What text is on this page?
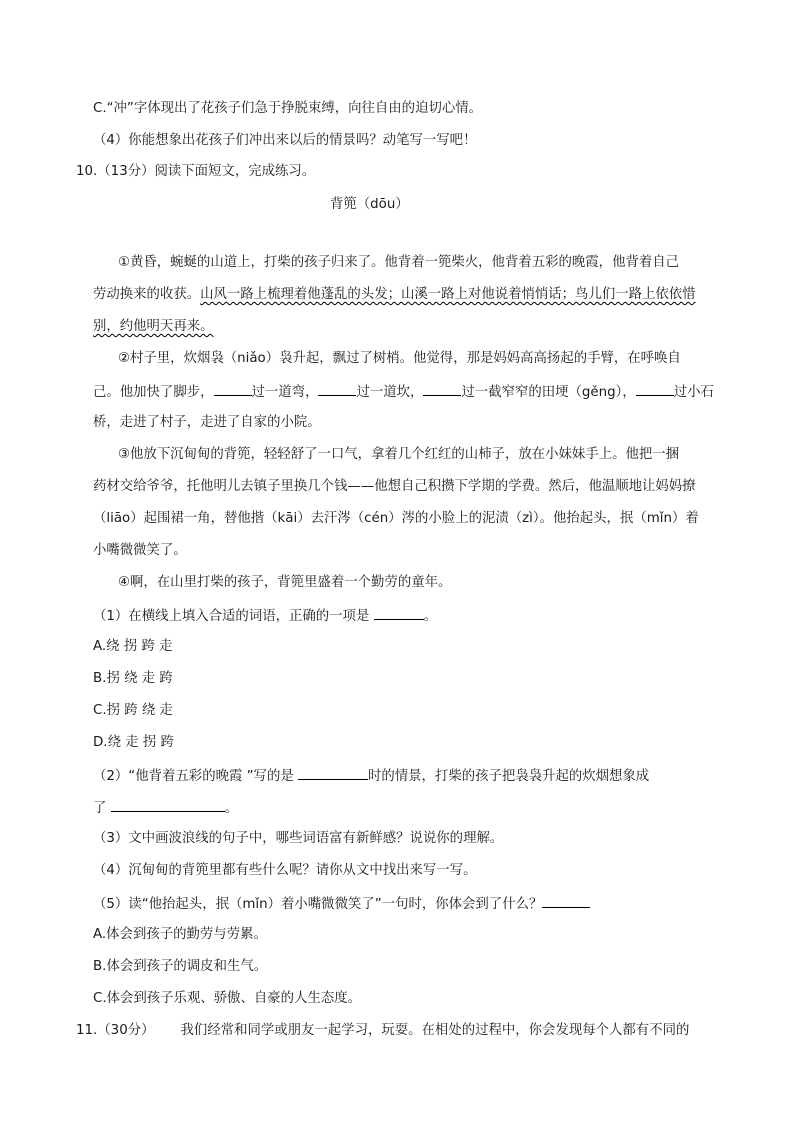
C.“冲”字体现出了花孩子们急于挣脱束缚，向往自由的迫切心情。
（4）你能想象出花孩子们冲出来以后的情景吗？动笔写一写吧！
10.（13分）阅读下面短文，完成练习。
背篼（dōu）
①黄昏，蜿蜒的山道上，打柴的孩子归来了。他背着一篼柴火，他背着五彩的晚霞，他背着自己
劳动换来的收获。山风一路上梳理着他蓬乱的头发；山溪一路上对他说着悄悄话；鸟儿们一路上依依惜
别，约他明天再来。
②村子里，炊烟袅（niǎo）袅升起，飘过了树梢。他觉得，那是妈妈高高扬起的手臂，在呼唤自
己。他加快了脚步，	过一道弯，	过一道坎，	过一截窄窄的田埂（gěng），	过小石
桥，走进了村子，走进了自家的小院。
③他放下沉甸甸的背篼，轻轻舒了一口气，拿着几个红红的山柿子，放在小妹妹手上。他把一捆
药材交给爷爷，托他明儿去镇子里换几个钱——他想自己积攒下学期的学费。然后，他温顺地让妈妈撩
（liāo）起围裙一角，替他揩（kāi）去汗涔（cén）涔的小脸上的泥渍（zì）。他抬起头，抿（mǐn）着
小嘴微微笑了。
④啊，在山里打柴的孩子，背篼里盛着一个勤劳的童年。
（1）在横线上填入合适的词语，正确的一项是	。
A.绕 拐 跨 走
B.拐 绕 走 跨
C.拐 跨 绕 走
D.绕 走 拐 跨
（2）“他背着五彩的晚霞 ”写的是	时的情景，打柴的孩子把袅袅升起的炊烟想象成
了	。
（3）文中画波浪线的句子中，哪些词语富有新鲜感？说说你的理解。
（4）沉甸甸的背篼里都有些什么呢？请你从文中找出来写一写。
（5）读“他抬起头，抿（mǐn）着小嘴微微笑了”一句时，你体会到了什么？
A.体会到孩子的勤劳与劳累。
B.体会到孩子的调皮和生气。
C.体会到孩子乐观、骄傲、自豪的人生态度。
11.（30分） 我们经常和同学或朋友一起学习，玩耍。在相处的过程中，你会发现每个人都有不同的
